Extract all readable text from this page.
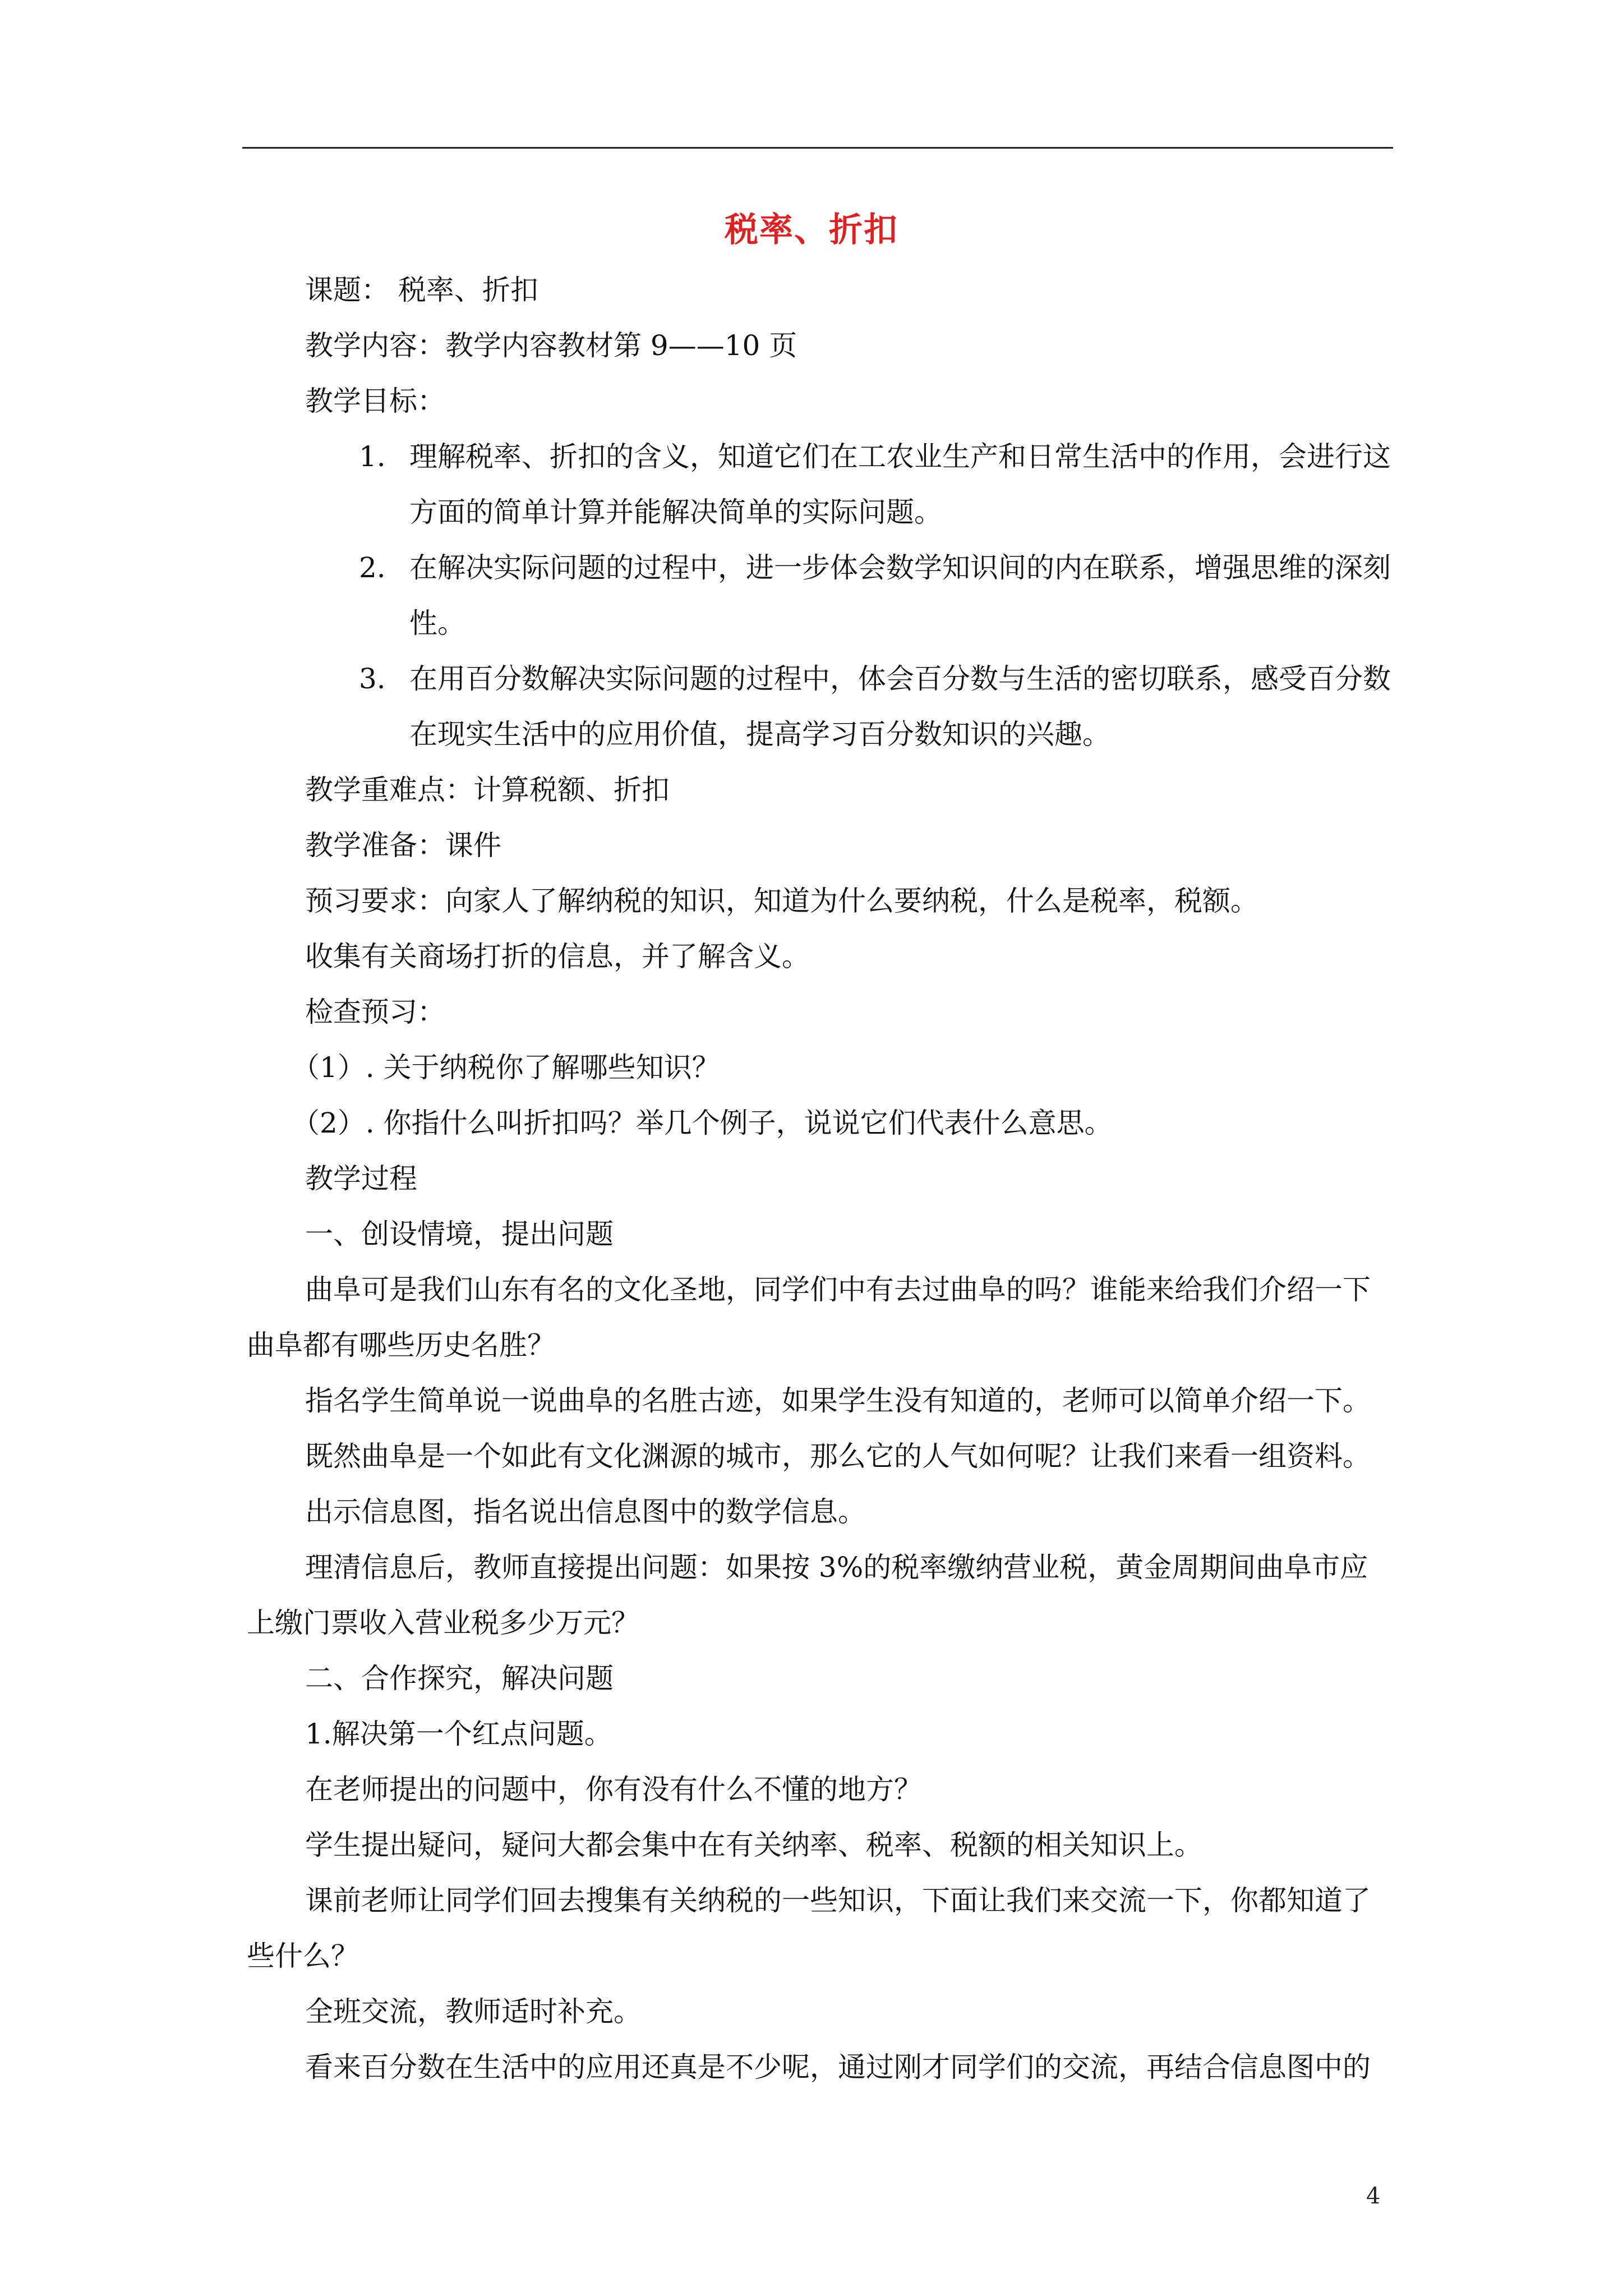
税率、折扣

课题： 税率、折扣

教学内容：教学内容教材第 9——10 页

教学目标：

1. 理解税率、折扣的含义，知道它们在工农业生产和日常生活中的作用，会进行这方面的简单计算并能解决简单的实际问题。
2. 在解决实际问题的过程中，进一步体会数学知识间的内在联系，增强思维的深刻性。
3. 在用百分数解决实际问题的过程中，体会百分数与生活的密切联系，感受百分数在现实生活中的应用价值，提高学习百分数知识的兴趣。

教学重难点：计算税额、折扣

教学准备：课件

预习要求：向家人了解纳税的知识，知道为什么要纳税，什么是税率，税额。

收集有关商场打折的信息，并了解含义。

检查预习：

（1）. 关于纳税你了解哪些知识？

（2）. 你指什么叫折扣吗？举几个例子，说说它们代表什么意思。

教学过程

一、创设情境，提出问题

曲阜可是我们山东有名的文化圣地，同学们中有去过曲阜的吗？谁能来给我们介绍一下曲阜都有哪些历史名胜？

指名学生简单说一说曲阜的名胜古迹，如果学生没有知道的，老师可以简单介绍一下。

既然曲阜是一个如此有文化渊源的城市，那么它的人气如何呢？让我们来看一组资料。

出示信息图，指名说出信息图中的数学信息。

理清信息后，教师直接提出问题：如果按 3%的税率缴纳营业税，黄金周期间曲阜市应上缴门票收入营业税多少万元？

二、合作探究，解决问题

1.解决第一个红点问题。

在老师提出的问题中，你有没有什么不懂的地方？

学生提出疑问，疑问大都会集中在有关纳率、税率、税额的相关知识上。

课前老师让同学们回去搜集有关纳税的一些知识，下面让我们来交流一下，你都知道了些什么？

全班交流，教师适时补充。

看来百分数在生活中的应用还真是不少呢，通过刚才同学们的交流，再结合信息图中的

4
